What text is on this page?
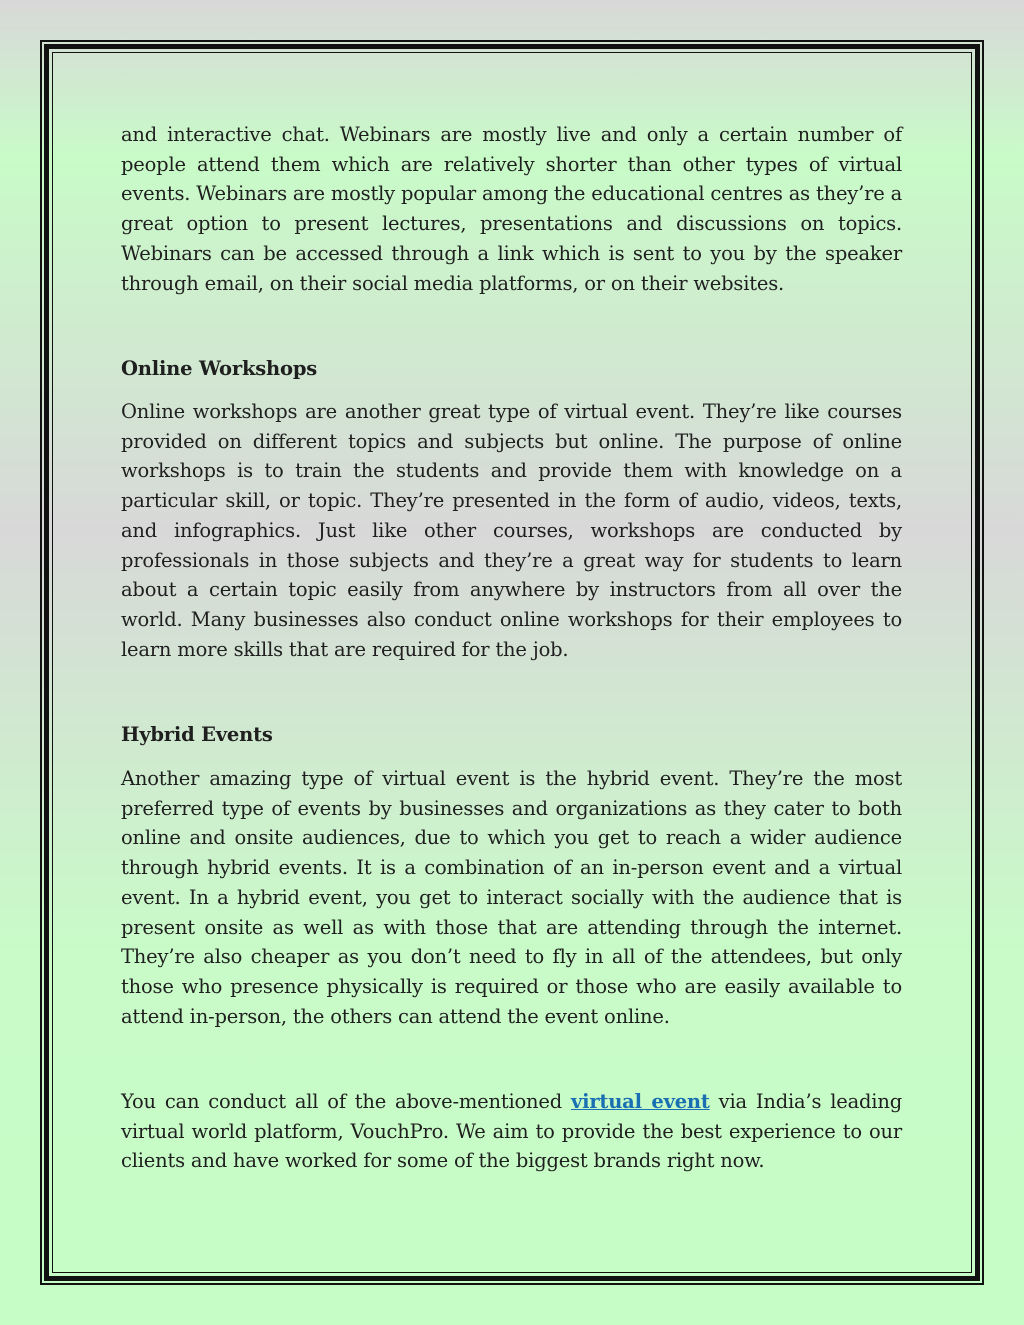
and interactive chat. Webinars are mostly live and only a certain number of people attend them which are relatively shorter than other types of virtual events. Webinars are mostly popular among the educational centres as they’re a great option to present lectures, presentations and discussions on topics. Webinars can be accessed through a link which is sent to you by the speaker through email, on their social media platforms, or on their websites.

Online Workshops

Online workshops are another great type of virtual event. They’re like courses provided on different topics and subjects but online. The purpose of online workshops is to train the students and provide them with knowledge on a particular skill, or topic. They’re presented in the form of audio, videos, texts, and infographics. Just like other courses, workshops are conducted by professionals in those subjects and they’re a great way for students to learn about a certain topic easily from anywhere by instructors from all over the world. Many businesses also conduct online workshops for their employees to learn more skills that are required for the job.

Hybrid Events

Another amazing type of virtual event is the hybrid event. They’re the most preferred type of events by businesses and organizations as they cater to both online and onsite audiences, due to which you get to reach a wider audience through hybrid events. It is a combination of an in-person event and a virtual event. In a hybrid event, you get to interact socially with the audience that is present onsite as well as with those that are attending through the internet. They’re also cheaper as you don’t need to fly in all of the attendees, but only those who presence physically is required or those who are easily available to attend in-person, the others can attend the event online.

You can conduct all of the above-mentioned virtual event via India’s leading virtual world platform, VouchPro. We aim to provide the best experience to our clients and have worked for some of the biggest brands right now.
